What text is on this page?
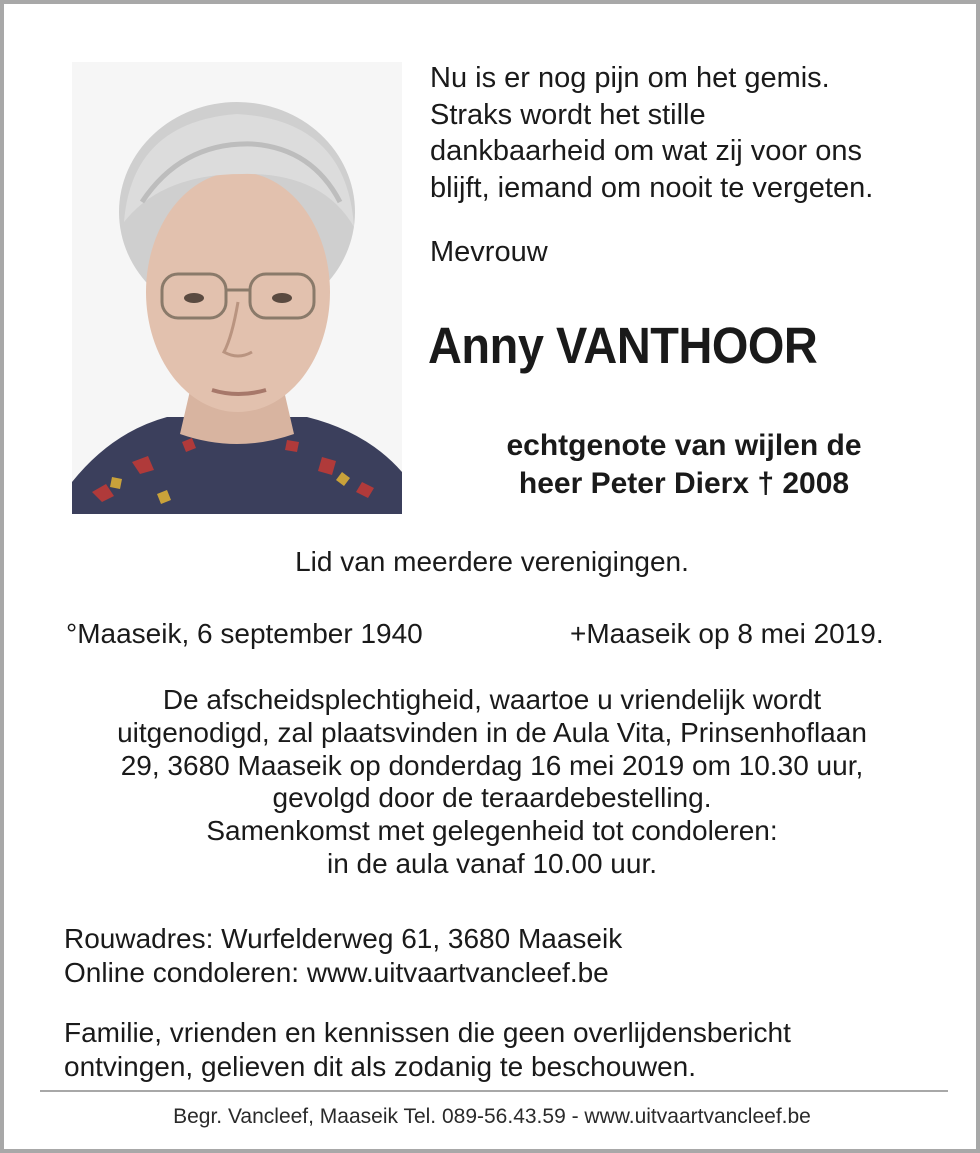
Nu is er nog pijn om het gemis.
Straks wordt het stille
dankbaarheid om wat zij voor ons
blijft, iemand om nooit te vergeten.

Mevrouw

Anny VANTHOOR
echtgenote van wijlen de
heer Peter Dierx † 2008

Lid van meerdere verenigingen.

°Maaseik, 6 september 1940	+Maaseik op 8 mei 2019.

De afscheidsplechtigheid, waartoe u vriendelijk wordt
uitgenodigd, zal plaatsvinden in de Aula Vita, Prinsenhoflaan
29, 3680 Maaseik op donderdag 16 mei 2019 om 10.30 uur,
gevolgd door de teraardebestelling.
Samenkomst met gelegenheid tot condoleren:
in de aula vanaf 10.00 uur.
Rouwadres: Wurfelderweg 61, 3680 Maaseik
Online condoleren: www.uitvaartvancleef.be
Familie, vrienden en kennissen die geen overlijdensbericht
ontvingen, gelieven dit als zodanig te beschouwen.

Begr. Vancleef, Maaseik Tel. 089-56.43.59 - www.uitvaartvancleef.be
